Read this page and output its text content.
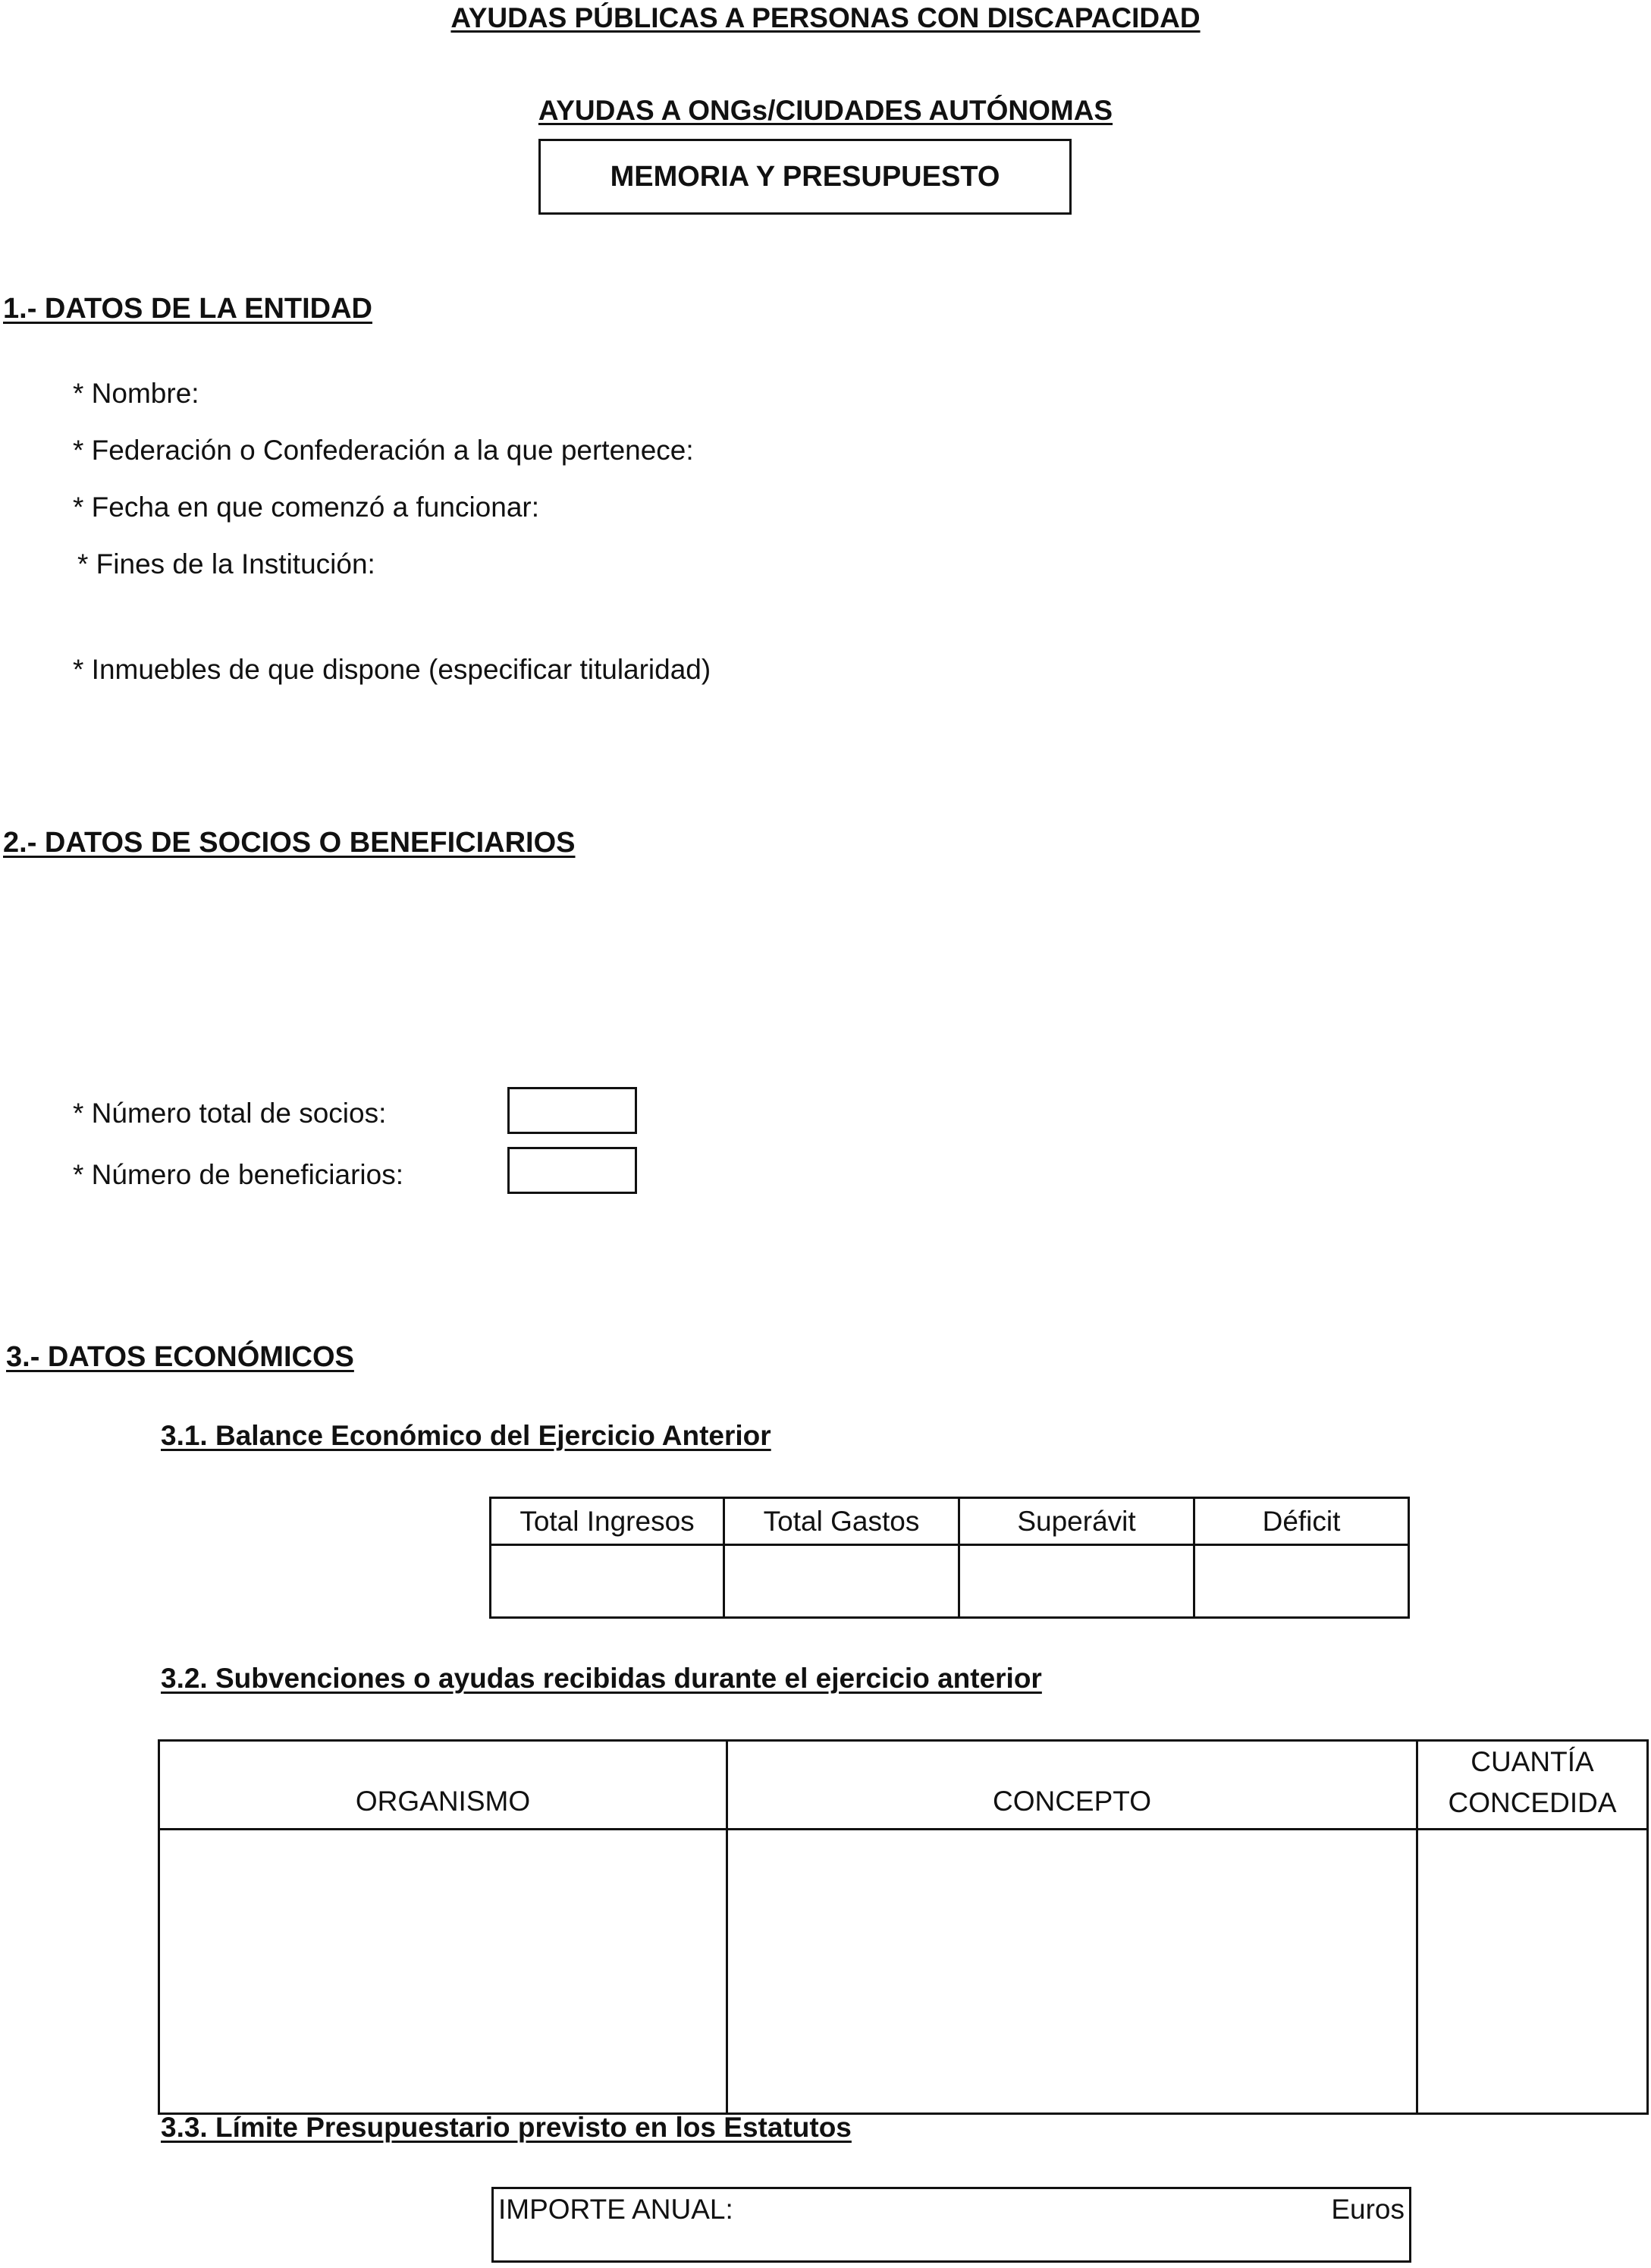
AYUDAS PÚBLICAS A PERSONAS CON DISCAPACIDAD
AYUDAS A ONGs/CIUDADES AUTÓNOMAS
MEMORIA Y PRESUPUESTO
1.- DATOS DE LA ENTIDAD
* Nombre:
* Federación o Confederación a la que pertenece:
* Fecha en que comenzó a funcionar:
* Fines de la Institución:
* Inmuebles de que dispone (especificar titularidad)
2.- DATOS DE SOCIOS O BENEFICIARIOS
* Número total de socios:
* Número de beneficiarios:
3.- DATOS ECONÓMICOS
3.1. Balance Económico del Ejercicio Anterior
Total Ingresos	Total Gastos	Superávit	Déficit

3.2. Subvenciones o ayudas recibidas durante el ejercicio anterior
ORGANISMO	CONCEPTO	CUANTÍA CONCEDIDA

3.3. Límite Presupuestario previsto en los Estatutos
IMPORTE ANUAL:	Euros
